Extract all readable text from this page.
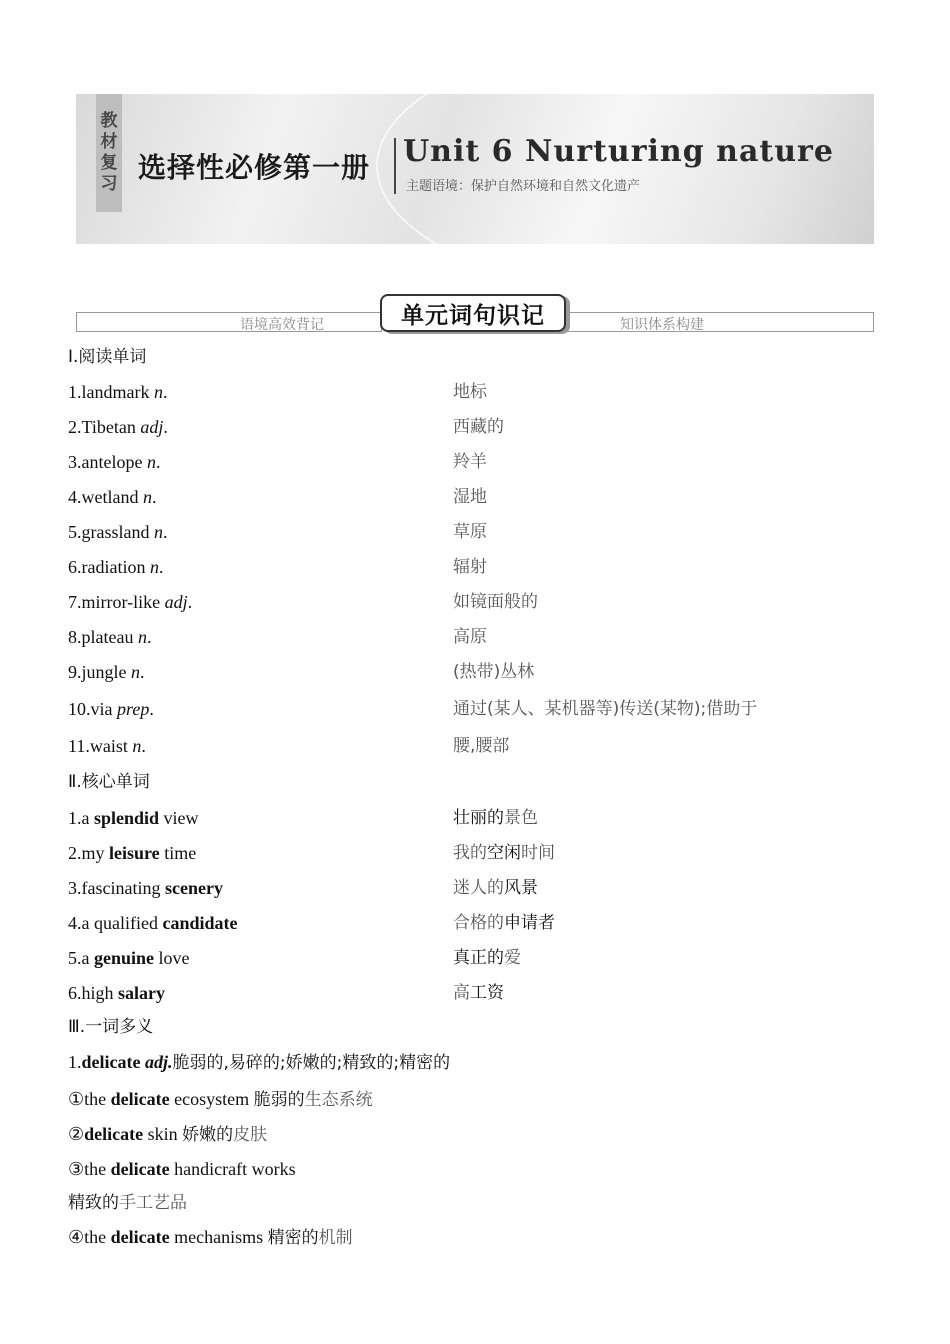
教
材
复
习 选择性必修第一册 Unit 6 Nurturing nature
主题语境：保护自然环境和自然文化遗产
语境高效背记	知识体系构建
单元词句识记
Ⅰ.阅读单词
1.landmark n.	地标
2.Tibetan adj.	西藏的
3.antelope n.	羚羊
4.wetland n.	湿地
5.grassland n.	草原
6.radiation n.	辐射
7.mirror-like adj.	如镜面般的
8.plateau n.	高原
9.jungle n.	(热带)丛林
10.via prep.	通过(某人、某机器等)传送(某物);借助于
11.waist n.	腰,腰部
Ⅱ.核心单词
1.a splendid view	壮丽的景色
2.my leisure time	我的空闲时间
3.fascinating scenery	迷人的风景
4.a qualified candidate	合格的申请者
5.a genuine love	真正的爱
6.high salary	高工资
Ⅲ.一词多义
1.delicate adj.脆弱的,易碎的;娇嫩的;精致的;精密的
①the delicate ecosystem 脆弱的生态系统
②delicate skin 娇嫩的皮肤
③the delicate handicraft works
精致的手工艺品
④the delicate mechanisms 精密的机制
